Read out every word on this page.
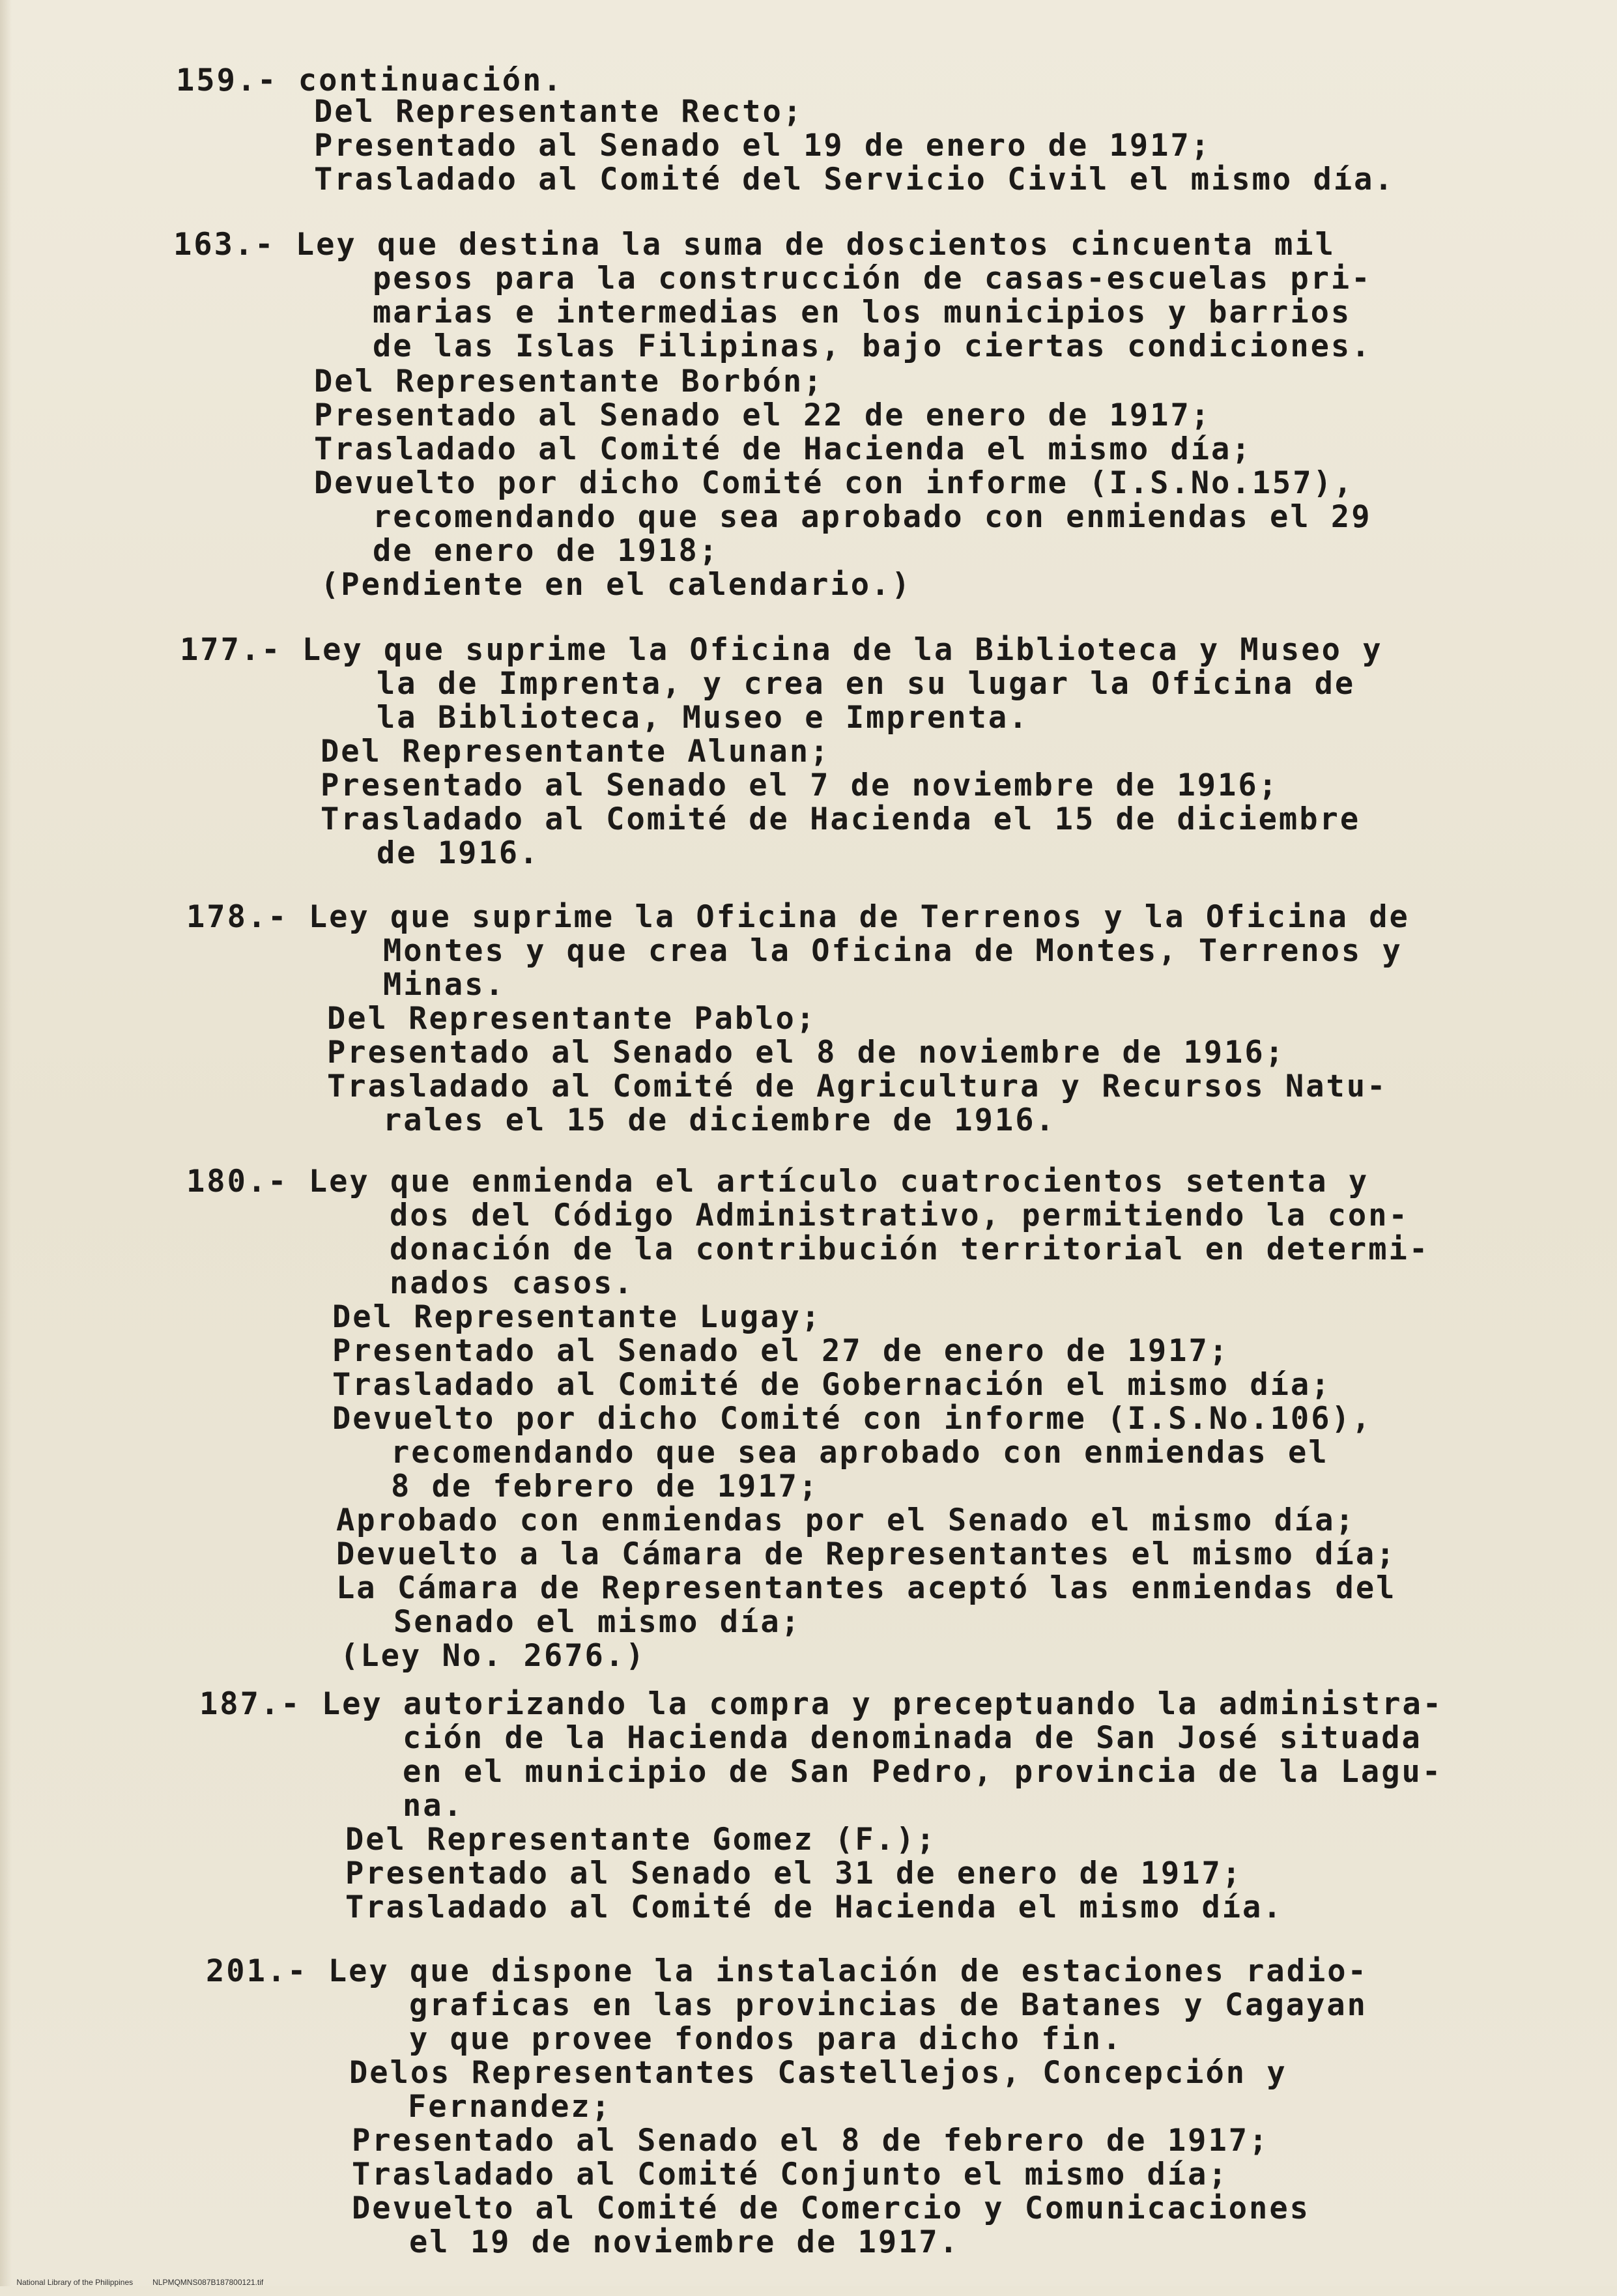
159.- continuación.
Del Representante Recto;
Presentado al Senado el 19 de enero de 1917;
Trasladado al Comité del Servicio Civil el mismo día.
163.- Ley que destina la suma de doscientos cincuenta mil
pesos para la construcción de casas-escuelas pri-
marias e intermedias en los municipios y barrios
de las Islas Filipinas, bajo ciertas condiciones.
Del Representante Borbón;
Presentado al Senado el 22 de enero de 1917;
Trasladado al Comité de Hacienda el mismo día;
Devuelto por dicho Comité con informe (I.S.No.157),
recomendando que sea aprobado con enmiendas el 29
de enero de 1918;
(Pendiente en el calendario.)
177.- Ley que suprime la Oficina de la Biblioteca y Museo y
la de Imprenta, y crea en su lugar la Oficina de
la Biblioteca, Museo e Imprenta.
Del Representante Alunan;
Presentado al Senado el 7 de noviembre de 1916;
Trasladado al Comité de Hacienda el 15 de diciembre
de 1916.
178.- Ley que suprime la Oficina de Terrenos y la Oficina de
Montes y que crea la Oficina de Montes, Terrenos y
Minas.
Del Representante Pablo;
Presentado al Senado el 8 de noviembre de 1916;
Trasladado al Comité de Agricultura y Recursos Natu-
rales el 15 de diciembre de 1916.
180.- Ley que enmienda el artículo cuatrocientos setenta y
dos del Código Administrativo, permitiendo la con-
donación de la contribución territorial en determi-
nados casos.
Del Representante Lugay;
Presentado al Senado el 27 de enero de 1917;
Trasladado al Comité de Gobernación el mismo día;
Devuelto por dicho Comité con informe (I.S.No.106),
recomendando que sea aprobado con enmiendas el
8 de febrero de 1917;
Aprobado con enmiendas por el Senado el mismo día;
Devuelto a la Cámara de Representantes el mismo día;
La Cámara de Representantes aceptó las enmiendas del
Senado el mismo día;
(Ley No. 2676.)
187.- Ley autorizando la compra y preceptuando la administra-
ción de la Hacienda denominada de San José situada
en el municipio de San Pedro, provincia de la Lagu-
na.
Del Representante Gomez (F.);
Presentado al Senado el 31 de enero de 1917;
Trasladado al Comité de Hacienda el mismo día.
201.- Ley que dispone la instalación de estaciones radio-
graficas en las provincias de Batanes y Cagayan
y que provee fondos para dicho fin.
Delos Representantes Castellejos, Concepción y
Fernandez;
Presentado al Senado el 8 de febrero de 1917;
Trasladado al Comité Conjunto el mismo día;
Devuelto al Comité de Comercio y Comunicaciones
el 19 de noviembre de 1917.

National Library of the Philippines	NLPMQMNS087B187800121.tif
